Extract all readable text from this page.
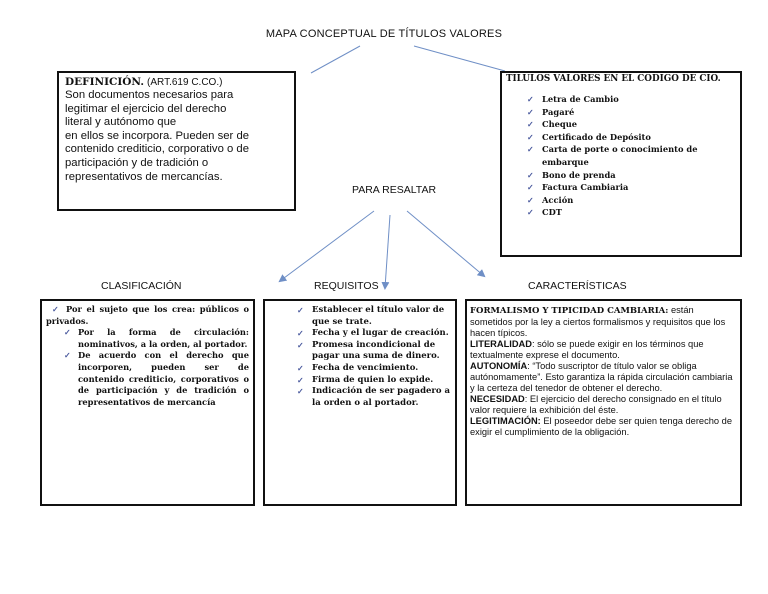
MAPA CONCEPTUAL DE TÍTULOS VALORES
DEFINICIÓN. (ART.619 C.CO.)
Son documentos necesarios para
legitimar el ejercicio del derecho
literal y autónomo que
en ellos se incorpora. Pueden ser de
contenido crediticio, corporativo o de
participación y de tradición o
representativos de mercancías.
TILULOS VALORES EN EL CODIGO DE CIO.
✓ Letra de Cambio
✓ Pagaré
✓ Cheque
✓ Certificado de Depósito
✓ Carta de porte o conocimiento de embarque
✓ Bono de prenda
✓ Factura Cambiaria
✓ Acción
✓ CDT
PARA RESALTAR
CLASIFICACIÓN	REQUISITOS	CARACTERÍSTICAS
✓ Por el sujeto que los crea: públicos o privados.
✓ Por la forma de circulación: nominativos, a la orden, al portador.
✓ De acuerdo con el derecho que incorporen, pueden ser de contenido crediticio, corporativos o de participación y de tradición o representativos de mercancía
✓ Establecer el título valor de que se trate.
✓ Fecha y el lugar de creación.
✓ Promesa incondicional de pagar una suma de dinero.
✓ Fecha de vencimiento.
✓ Firma de quien lo expide.
✓ Indicación de ser pagadero a la orden o al portador.
FORMALISMO Y TIPICIDAD CAMBIARIA: están sometidos por la ley a ciertos formalismos y requisitos que los hacen típicos.
LITERALIDAD: sólo se puede exigir en los términos que textualmente exprese el documento.
AUTONOMÍA: “Todo suscriptor de título valor se obliga autónomamente”. Esto garantiza la rápida circulación cambiaria y la certeza del tenedor de obtener el derecho.
NECESIDAD: El ejercicio del derecho consignado en el título valor requiere la exhibición del éste.
LEGITIMACIÓN: El poseedor debe ser quien tenga derecho de exigir el cumplimiento de la obligación.
